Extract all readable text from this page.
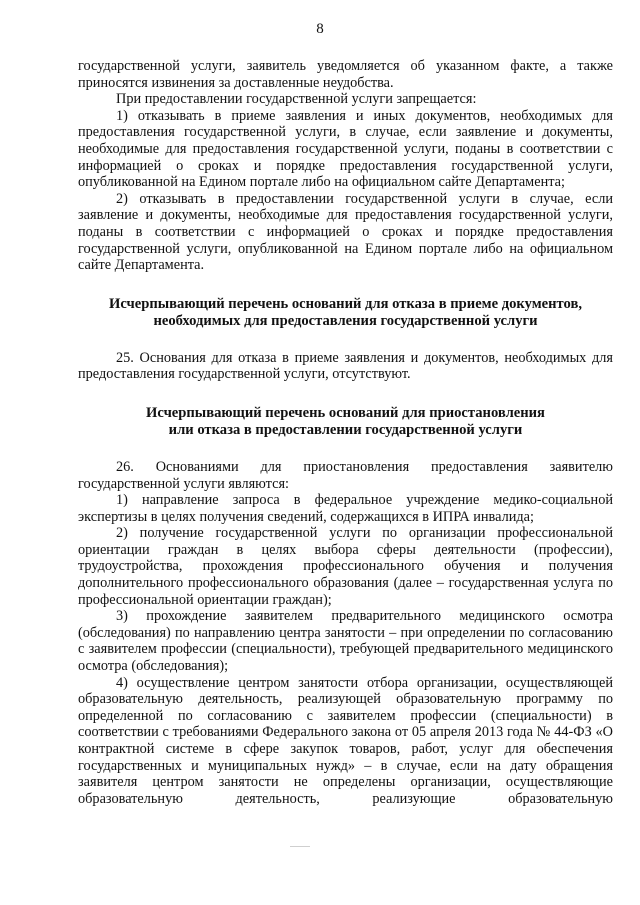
8

государственной услуги, заявитель уведомляется об указанном факте, а также приносятся извинения за доставленные неудобства.

При предоставлении государственной услуги запрещается:

1) отказывать в приеме заявления и иных документов, необходимых для предоставления государственной услуги, в случае, если заявление и документы, необходимые для предоставления государственной услуги, поданы в соответствии с информацией о сроках и порядке предоставления государственной услуги, опубликованной на Едином портале либо на официальном сайте Департамента;

2) отказывать в предоставлении государственной услуги в случае, если заявление и документы, необходимые для предоставления государственной услуги, поданы в соответствии с информацией о сроках и порядке предоставления государственной услуги, опубликованной на Едином портале либо на официальном сайте Департамента.

Исчерпывающий перечень оснований для отказа в приеме документов,

необходимых для предоставления государственной услуги

25. Основания для отказа в приеме заявления и документов, необходимых для предоставления государственной услуги, отсутствуют.

Исчерпывающий перечень оснований для приостановления

или отказа в предоставлении государственной услуги

26. Основаниями для приостановления предоставления заявителю государственной услуги являются:

1) направление запроса в федеральное учреждение медико-социальной экспертизы в целях получения сведений, содержащихся в ИПРА инвалида;

2) получение государственной услуги по организации профессиональной ориентации граждан в целях выбора сферы деятельности (профессии), трудоустройства, прохождения профессионального обучения и получения дополнительного профессионального образования (далее – государственная услуга по профессиональной ориентации граждан);

3) прохождение заявителем предварительного медицинского осмотра (обследования) по направлению центра занятости – при определении по согласованию с заявителем профессии (специальности), требующей предварительного медицинского осмотра (обследования);

4) осуществление центром занятости отбора организации, осуществляющей образовательную деятельность, реализующей образовательную программу по определенной по согласованию с заявителем профессии (специальности) в соответствии с требованиями Федерального закона от 05 апреля 2013 года № 44-ФЗ «О контрактной системе в сфере закупок товаров, работ, услуг для обеспечения государственных и муниципальных нужд» – в случае, если на дату обращения заявителя центром занятости не определены организации, осуществляющие образовательную деятельность, реализующие образовательную
